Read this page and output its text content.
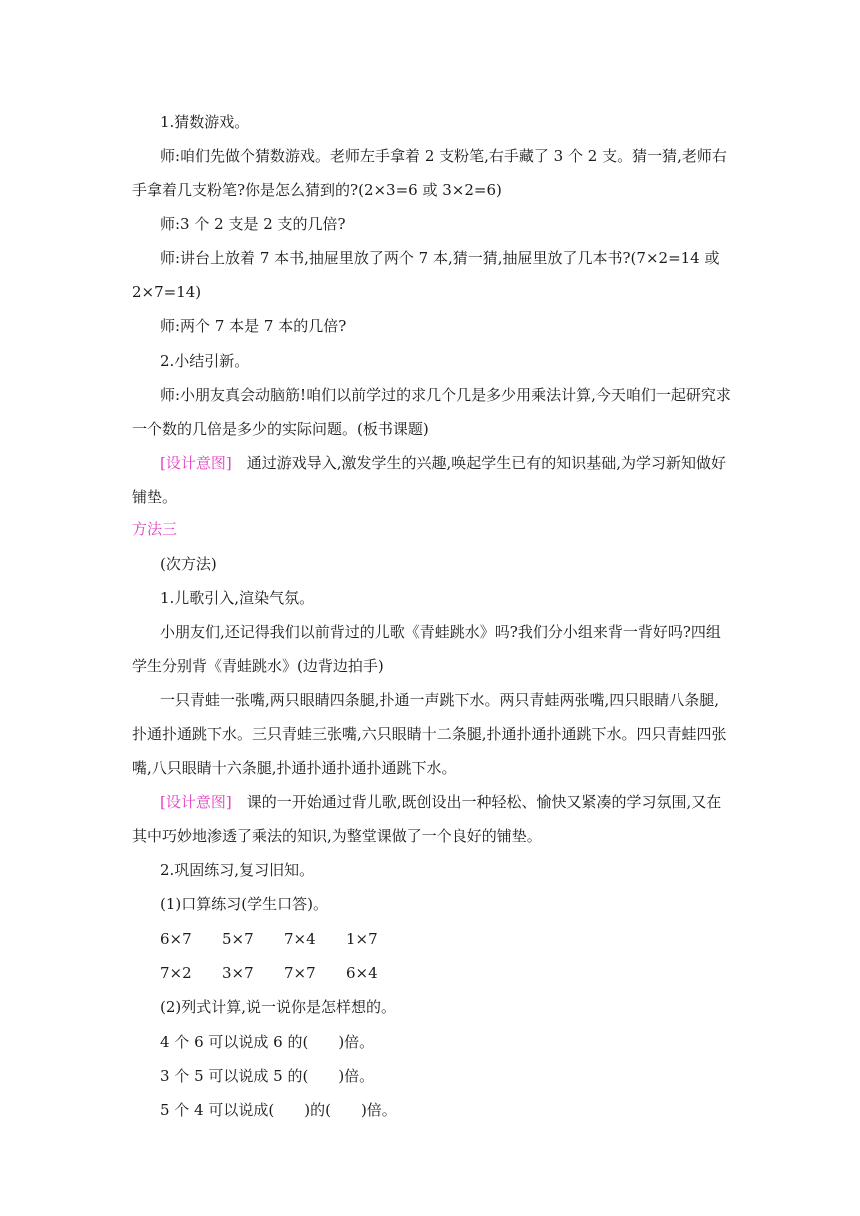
1.猜数游戏。
师:咱们先做个猜数游戏。老师左手拿着 2 支粉笔,右手藏了 3 个 2 支。猜一猜,老师右手拿着几支粉笔?你是怎么猜到的?(2×3=6 或 3×2=6)
师:3 个 2 支是 2 支的几倍?
师:讲台上放着 7 本书,抽屉里放了两个 7 本,猜一猜,抽屉里放了几本书?(7×2=14 或 2×7=14)
师:两个 7 本是 7 本的几倍?
2.小结引新。
师:小朋友真会动脑筋!咱们以前学过的求几个几是多少用乘法计算,今天咱们一起研究求一个数的几倍是多少的实际问题。(板书课题)
[设计意图]　 通过游戏导入,激发学生的兴趣,唤起学生已有的知识基础,为学习新知做好铺垫。
方法三
(次方法)
1.儿歌引入,渲染气氛。
小朋友们,还记得我们以前背过的儿歌《青蛙跳水》吗?我们分小组来背一背好吗?四组学生分别背《青蛙跳水》(边背边拍手)
一只青蛙一张嘴,两只眼睛四条腿,扑通一声跳下水。两只青蛙两张嘴,四只眼睛八条腿,扑通扑通跳下水。三只青蛙三张嘴,六只眼睛十二条腿,扑通扑通扑通跳下水。四只青蛙四张嘴,八只眼睛十六条腿,扑通扑通扑通扑通跳下水。
[设计意图]　 课的一开始通过背儿歌,既创设出一种轻松、愉快又紧凑的学习氛围,又在其中巧妙地渗透了乘法的知识,为整堂课做了一个良好的铺垫。
2.巩固练习,复习旧知。
(1)口算练习(学生口答)。
6×7 5×7 7×4 1×7
7×2 3×7 7×7 6×4
(2)列式计算,说一说你是怎样想的。
4 个 6 可以说成 6 的(　　)倍。
3 个 5 可以说成 5 的(　　)倍。
5 个 4 可以说成(　　)的(　　)倍。
